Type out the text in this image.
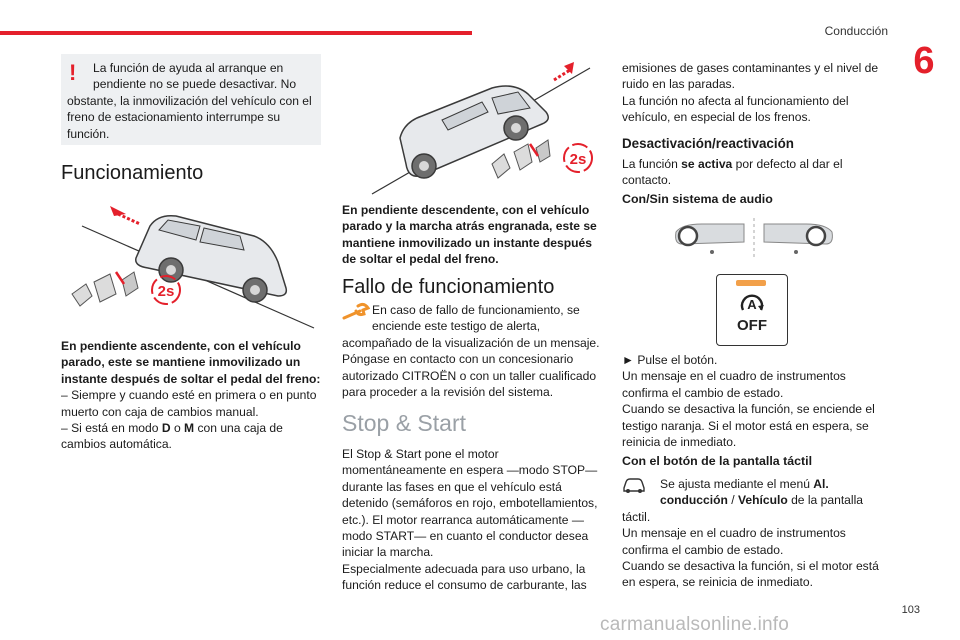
Conducción
6
!	La función de ayuda al arranque en pendiente no se puede desactivar. No obstante, la inmovilización del vehículo con el freno de estacionamiento interrumpe su función.
Funcionamiento
2s

En pendiente ascendente, con el vehículo parado, este se mantiene inmovilizado un instante después de soltar el pedal del freno:

– Siempre y cuando esté en primera o en punto muerto con caja de cambios manual.

– Si está en modo D o M con una caja de cambios automática.

2s

En pendiente descendente, con el vehículo parado y la marcha atrás engranada, este se mantiene inmovilizado un instante después de soltar el pedal del freno.

Fallo de funcionamiento

En caso de fallo de funcionamiento, se enciende este testigo de alerta, acompañado de la visualización de un mensaje. Póngase en contacto con un concesionario autorizado CITROËN o con un taller cualificado para proceder a la revisión del sistema.

Stop & Start

El Stop & Start pone el motor momentáneamente en espera —modo STOP— durante las fases en que el vehículo está detenido (semáforos en rojo, embotellamientos, etc.). El motor rearranca automáticamente —modo START— en cuanto el conductor desea iniciar la marcha.

Especialmente adecuada para uso urbano, la función reduce el consumo de carburante, las

emisiones de gases contaminantes y el nivel de ruido en las paradas.

La función no afecta al funcionamiento del vehículo, en especial de los frenos.

Desactivación/reactivación

La función se activa por defecto al dar el contacto.

Con/Sin sistema de audio
A
OFF

► Pulse el botón.

Un mensaje en el cuadro de instrumentos confirma el cambio de estado.

Cuando se desactiva la función, se enciende el testigo naranja. Si el motor está en espera, se reinicia de inmediato.

Con el botón de la pantalla táctil

Se ajusta mediante el menú Al. conducción / Vehículo de la pantalla táctil.

Un mensaje en el cuadro de instrumentos confirma el cambio de estado.

Cuando se desactiva la función, si el motor está en espera, se reinicia de inmediato.

103
carmanualsonline.info
